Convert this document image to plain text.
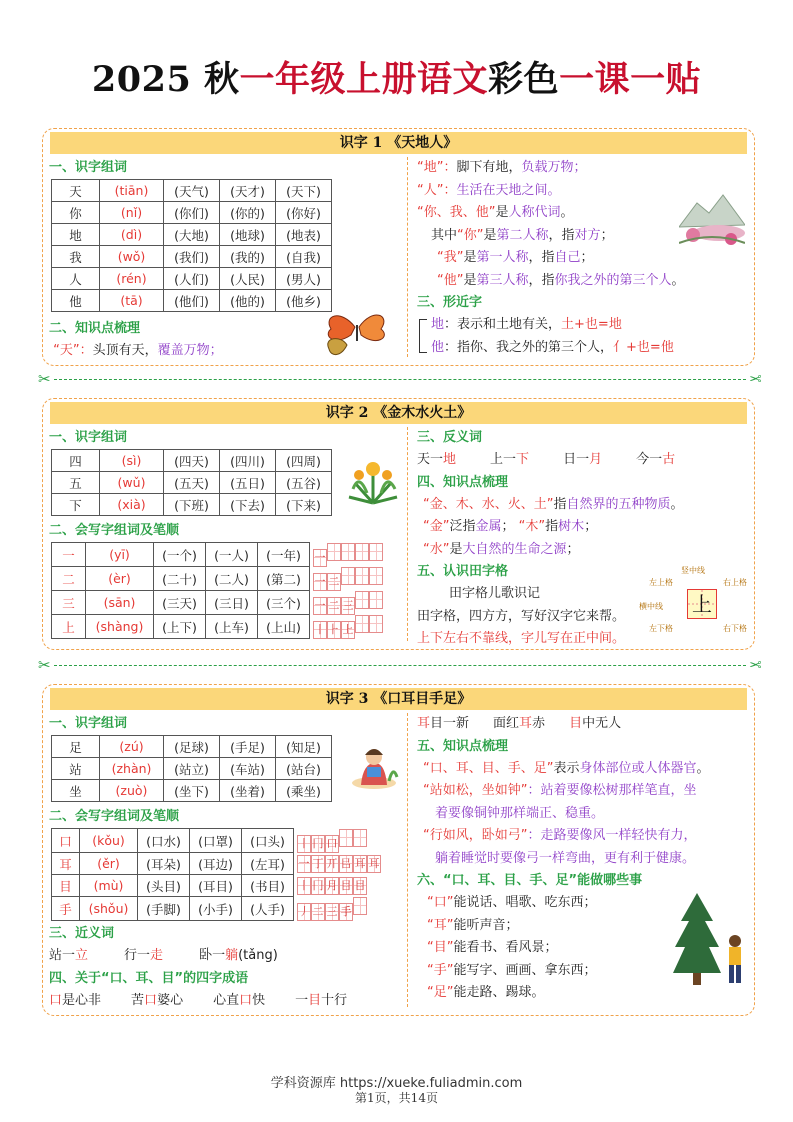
2025 秋一年级上册语文彩色一课一贴
识字 1 《天地人》
一、识字组词
天	(tiān)	(天气)	(天才)	(天下)
你	(nǐ)	(你们)	(你的)	(你好)
地	(dì)	(大地)	(地球)	(地表)
我	(wǒ)	(我们)	(我的)	(自我)
人	(rén)	(人们)	(人民)	(男人)
他	(tā)	(他们)	(他的)	(他乡)
二、知识点梳理
“天”：头顶有天，覆盖万物；
“地”：脚下有地，负载万物；
“人”：生活在天地之间。
“你、我、他”是人称代词。
其中“你”是第二人称，指对方；
“我”是第一人称，指自己；
“他”是第三人称，指你我之外的第三个人。
三、形近字
地：表示和土地有关，土+也=地
他：指你、我之外的第三个人，亻+也=他
✂	✂
识字 2 《金木水火土》
一、识字组词
四	(sì)	(四天)	(四川)	(四周)
五	(wǔ)	(五天)	(五日)	(五谷)
下	(xià)	(下班)	(下去)	(下来)
二、会写字组词及笔顺
一	(yī)	(一个)	(一人)	(一年)	一
二	(èr)	(二十)	(二人)	(第二)	一 二
三	(sān)	(三天)	(三日)	(三个)	一 二 三
上	(shàng)	(上下)	(上车)	(上山)	丨 ⺊ 上
三、反义词
天一地	上一下	日一月	今一古
四、知识点梳理
“金、木、水、火、土”指自然界的五种物质。
“金”泛指金属； “木”指树木；
“水”是大自然的生命之源；
五、认识田字格
田字格儿歌识记
田字格，四方方，写好汉字它来帮。
上下左右不靠线，字儿写在正中间。
竖中线
左上格	右上格
横中线
左下格	右下格
上
✂	✂
识字 3 《口耳目手足》
一、识字组词
足	(zú)	(足球)	(手足)	(知足)
站	(zhàn)	(站立)	(车站)	(站台)
坐	(zuò)	(坐下)	(坐着)	(乘坐)
二、会写字组词及笔顺
口	(kǒu)	(口水)	(口罩)	(口头)	丨 冂 口
耳	(ěr)	(耳朵)	(耳边)	(左耳)	一 丁 丌 㠯 耳 耳
目	(mù)	(头目)	(耳目)	(书目)	丨 冂 月 目 目
手	(shǒu)	(手脚)	(小手)	(人手)	丿 二 三 手
三、近义词
站一立	行一走	卧一躺(tǎng)
四、关于“口、耳、目”的四字成语
口是心非 苦口婆心 心直口快 一目十行
耳目一新 面红耳赤 目中无人
五、知识点梳理
“口、耳、目、手、足”表示身体部位或人体器官。
“站如松，坐如钟”：站着要像松树那样笔直，坐
着要像铜钟那样端正、稳重。
“行如风，卧如弓”：走路要像风一样轻快有力，
躺着睡觉时要像弓一样弯曲，更有利于健康。
六、“口、耳、目、手、足”能做哪些事
“口”能说话、唱歌、吃东西；
“耳”能听声音；
“目”能看书、看风景；
“手”能写字、画画、拿东西；
“足”能走路、踢球。
学科资源库 https://xueke.fuliadmin.com
第1页，共14页
